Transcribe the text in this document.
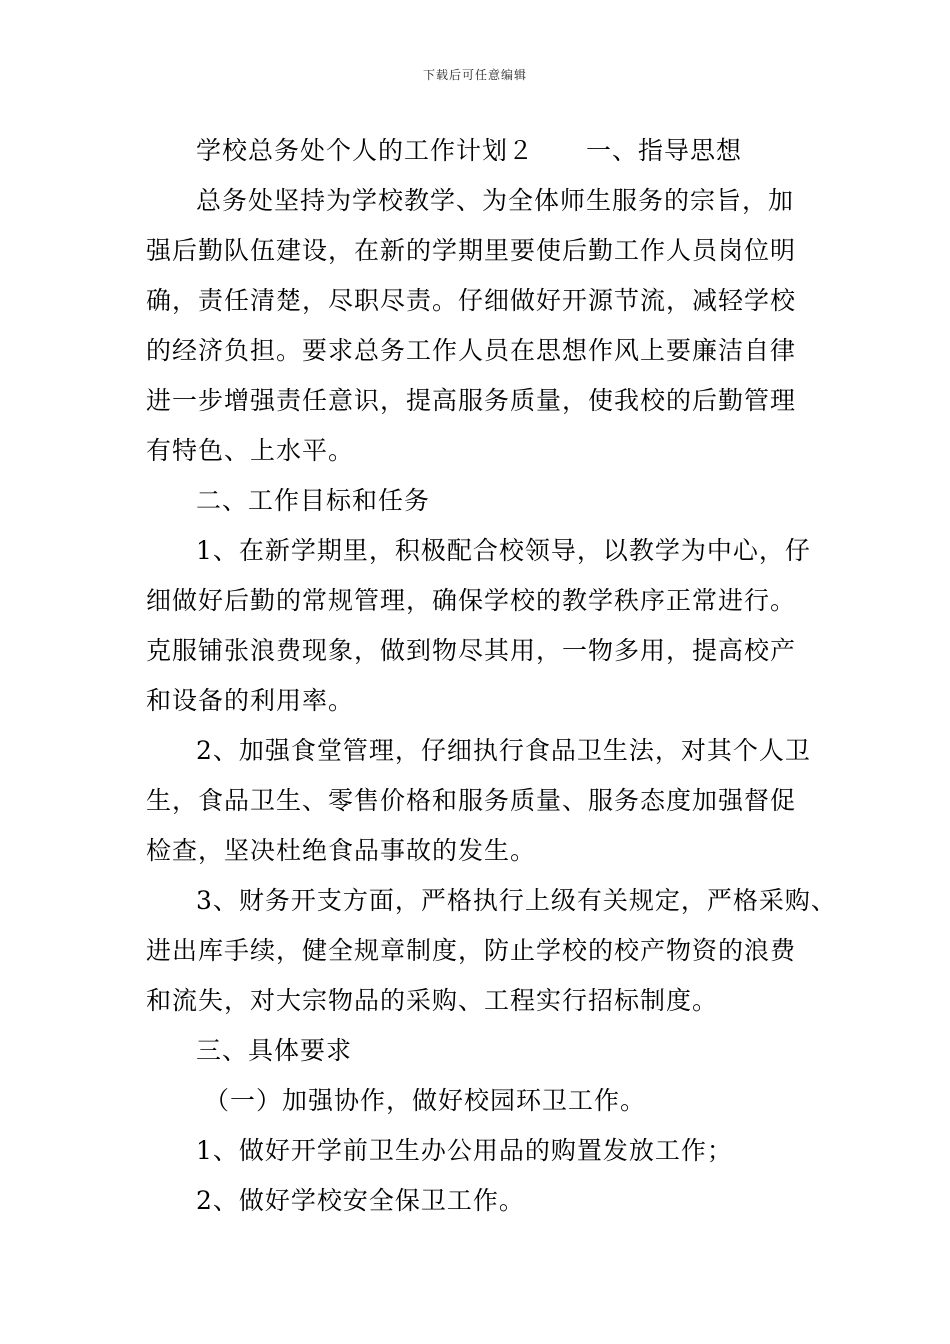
下载后可任意编辑
学校总务处个人的工作计划２ 一、指导思想
总务处坚持为学校教学、为全体师生服务的宗旨，加
强后勤队伍建设，在新的学期里要使后勤工作人员岗位明
确，责任清楚，尽职尽责。仔细做好开源节流，减轻学校
的经济负担。要求总务工作人员在思想作风上要廉洁自律
进一步增强责任意识，提高服务质量，使我校的后勤管理
有特色、上水平。
二、工作目标和任务
1、在新学期里，积极配合校领导，以教学为中心，仔
细做好后勤的常规管理，确保学校的教学秩序正常进行。
克服铺张浪费现象，做到物尽其用，一物多用，提高校产
和设备的利用率。
2、加强食堂管理，仔细执行食品卫生法，对其个人卫
生，食品卫生、零售价格和服务质量、服务态度加强督促
检查，坚决杜绝食品事故的发生。
3、财务开支方面，严格执行上级有关规定，严格采购、
进出库手续，健全规章制度，防止学校的校产物资的浪费
和流失，对大宗物品的采购、工程实行招标制度。
三、具体要求
（一）加强协作，做好校园环卫工作。
1、做好开学前卫生办公用品的购置发放工作；
2、做好学校安全保卫工作。
